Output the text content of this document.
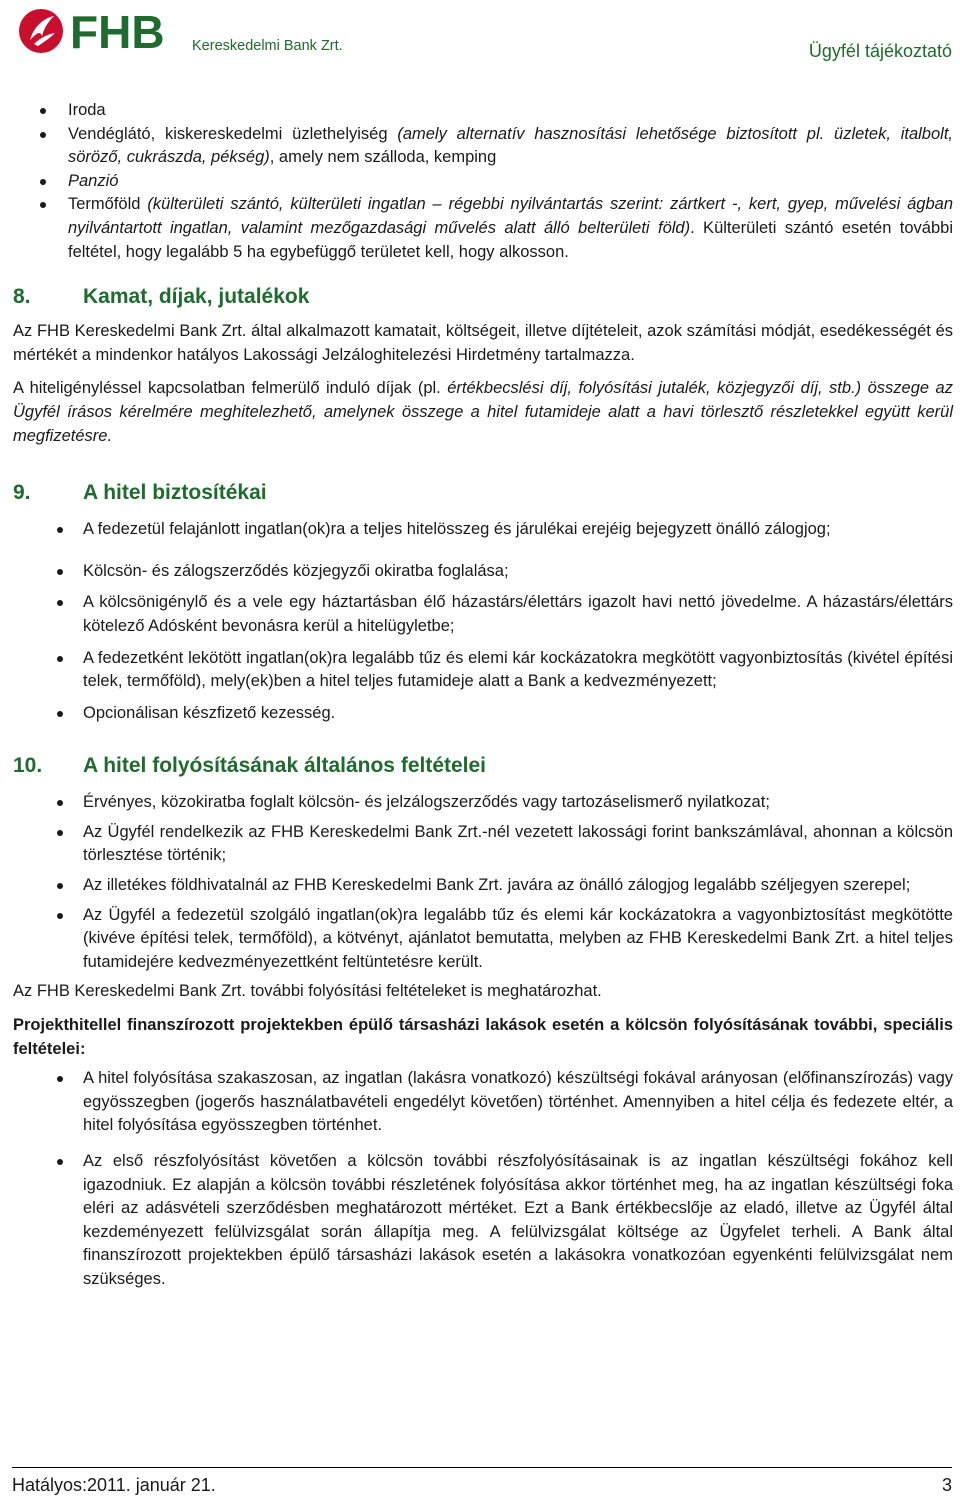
FHB Kereskedelmi Bank Zrt.	Ügyfél tájékoztató
Iroda
Vendéglátó, kiskereskedelmi üzlethelyiség (amely alternatív hasznosítási lehetősége biztosított pl. üzletek, italbolt, söröző, cukrászda, pékség), amely nem szálloda, kemping
Panzió
Termőföld (külterületi szántó, külterületi ingatlan – régebbi nyilvántartás szerint: zártkert -, kert, gyep, művelési ágban nyilvántartott ingatlan, valamint mezőgazdasági művelés alatt álló belterületi föld). Külterületi szántó esetén további feltétel, hogy legalább 5 ha egybefüggő területet kell, hogy alkosson.
8.	Kamat, díjak, jutalékok

Az FHB Kereskedelmi Bank Zrt. által alkalmazott kamatait, költségeit, illetve díjtételeit, azok számítási módját, esedékességét és mértékét a mindenkor hatályos Lakossági Jelzáloghitelezési Hirdetmény tartalmazza.

A hiteligényléssel kapcsolatban felmerülő induló díjak (pl. értékbecslési díj, folyósítási jutalék, közjegyzői díj, stb.) összege az Ügyfél írásos kérelmére meghitelezhető, amelynek összege a hitel futamideje alatt a havi törlesztő részletekkel együtt kerül megfizetésre.

9.	A hitel biztosítékai
A fedezetül felajánlott ingatlan(ok)ra a teljes hitelösszeg és járulékai erejéig bejegyzett önálló zálogjog;
Kölcsön- és zálogszerződés közjegyzői okiratba foglalása;
A kölcsönigénylő és a vele egy háztartásban élő házastárs/élettárs igazolt havi nettó jövedelme. A házastárs/élettárs kötelező Adósként bevonásra kerül a hitelügyletbe;
A fedezetként lekötött ingatlan(ok)ra legalább tűz és elemi kár kockázatokra megkötött vagyonbiztosítás (kivétel építési telek, termőföld), mely(ek)ben a hitel teljes futamideje alatt a Bank a kedvezményezett;
Opcionálisan készfizető kezesség.
10.	A hitel folyósításának általános feltételei
Érvényes, közokiratba foglalt kölcsön- és jelzálogszerződés vagy tartozáselismerő nyilatkozat;
Az Ügyfél rendelkezik az FHB Kereskedelmi Bank Zrt.-nél vezetett lakossági forint bankszámlával, ahonnan a kölcsön törlesztése történik;
Az illetékes földhivatalnál az FHB Kereskedelmi Bank Zrt. javára az önálló zálogjog legalább széljegyen szerepel;
Az Ügyfél a fedezetül szolgáló ingatlan(ok)ra legalább tűz és elemi kár kockázatokra a vagyonbiztosítást megkötötte (kivéve építési telek, termőföld), a kötvényt, ajánlatot bemutatta, melyben az FHB Kereskedelmi Bank Zrt. a hitel teljes futamidejére kedvezményezettként feltüntetésre került.

Az FHB Kereskedelmi Bank Zrt. további folyósítási feltételeket is meghatározhat.

Projekthitellel finanszírozott projektekben épülő társasházi lakások esetén a kölcsön folyósításának további, speciális feltételei:

A hitel folyósítása szakaszosan, az ingatlan (lakásra vonatkozó) készültségi fokával arányosan (előfinanszírozás) vagy egyösszegben (jogerős használatbavételi engedélyt követően) történhet. Amennyiben a hitel célja és fedezete eltér, a hitel folyósítása egyösszegben történhet.
Az első részfolyósítást követően a kölcsön további részfolyósításainak is az ingatlan készültségi fokához kell igazodniuk. Ez alapján a kölcsön további részletének folyósítása akkor történhet meg, ha az ingatlan készültségi foka eléri az adásvételi szerződésben meghatározott mértéket. Ezt a Bank értékbecslője az eladó, illetve az Ügyfél által kezdeményezett felülvizsgálat során állapítja meg. A felülvizsgálat költsége az Ügyfelet terheli. A Bank által finanszírozott projektekben épülő társasházi lakások esetén a lakásokra vonatkozóan egyenkénti felülvizsgálat nem szükséges.
Hatályos:2011. január 21.	3
